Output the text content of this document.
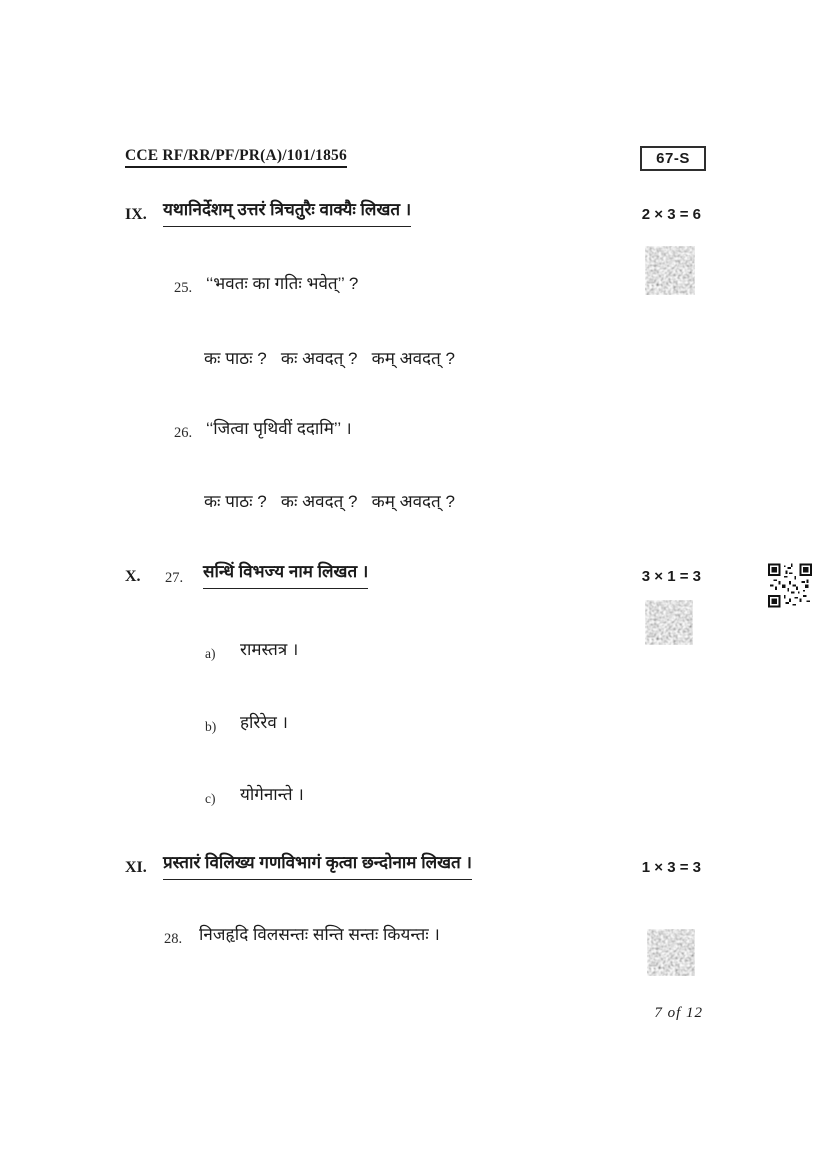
CCE RF/RR/PF/PR(A)/101/1856	67-S
IX. यथानिर्देशम् उत्तरं त्रिचतुरैः वाक्यैः लिखत ।	2 × 3 = 6
25. ‘‘भवतः का गतिः भवेत्’’ ?
कः पाठः ?   कः अवदत् ?   कम् अवदत् ?
26. ‘‘जित्वा पृथिवीं ददामि’’ ।
कः पाठः ?   कः अवदत् ?   कम् अवदत् ?
X. 27. सन्धिं विभज्य नाम लिखत ।	3 × 1 = 3
a) रामस्तत्र ।
b) हरिरेव ।
c) योगेनान्ते ।
XI. प्रस्तारं विलिख्य गणविभागं कृत्वा छन्दोनाम लिखत ।	1 × 3 = 3
28. निजहृदि विलसन्तः सन्ति सन्तः कियन्तः ।
7 of 12
